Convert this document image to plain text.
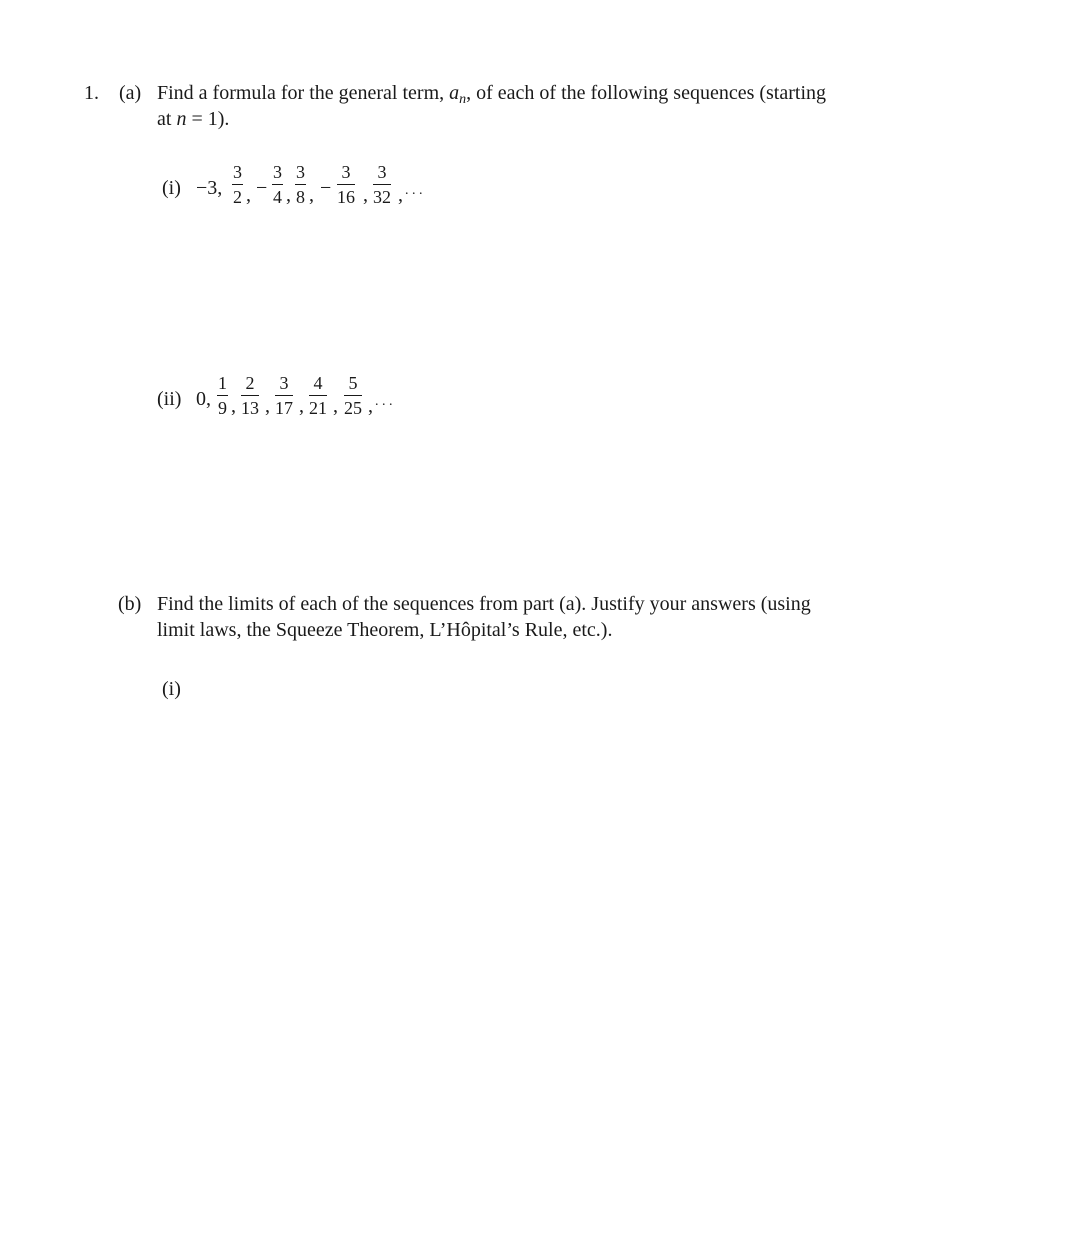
1. (a) Find a formula for the general term, $a_n$, of each of the following sequences (starting
at n = 1).
(i) −3,
3
2 , −
3
4 ,
3
8 , −
3
16 ,
3
32 , . . .
(ii) 0,
1
9 ,
2
13 ,
3
17 ,
4
21 ,
5
25 , . . .
(b) Find the limits of each of the sequences from part (a). Justify your answers (using
limit laws, the Squeeze Theorem, L’Hôpital’s Rule, etc.).
(i)
